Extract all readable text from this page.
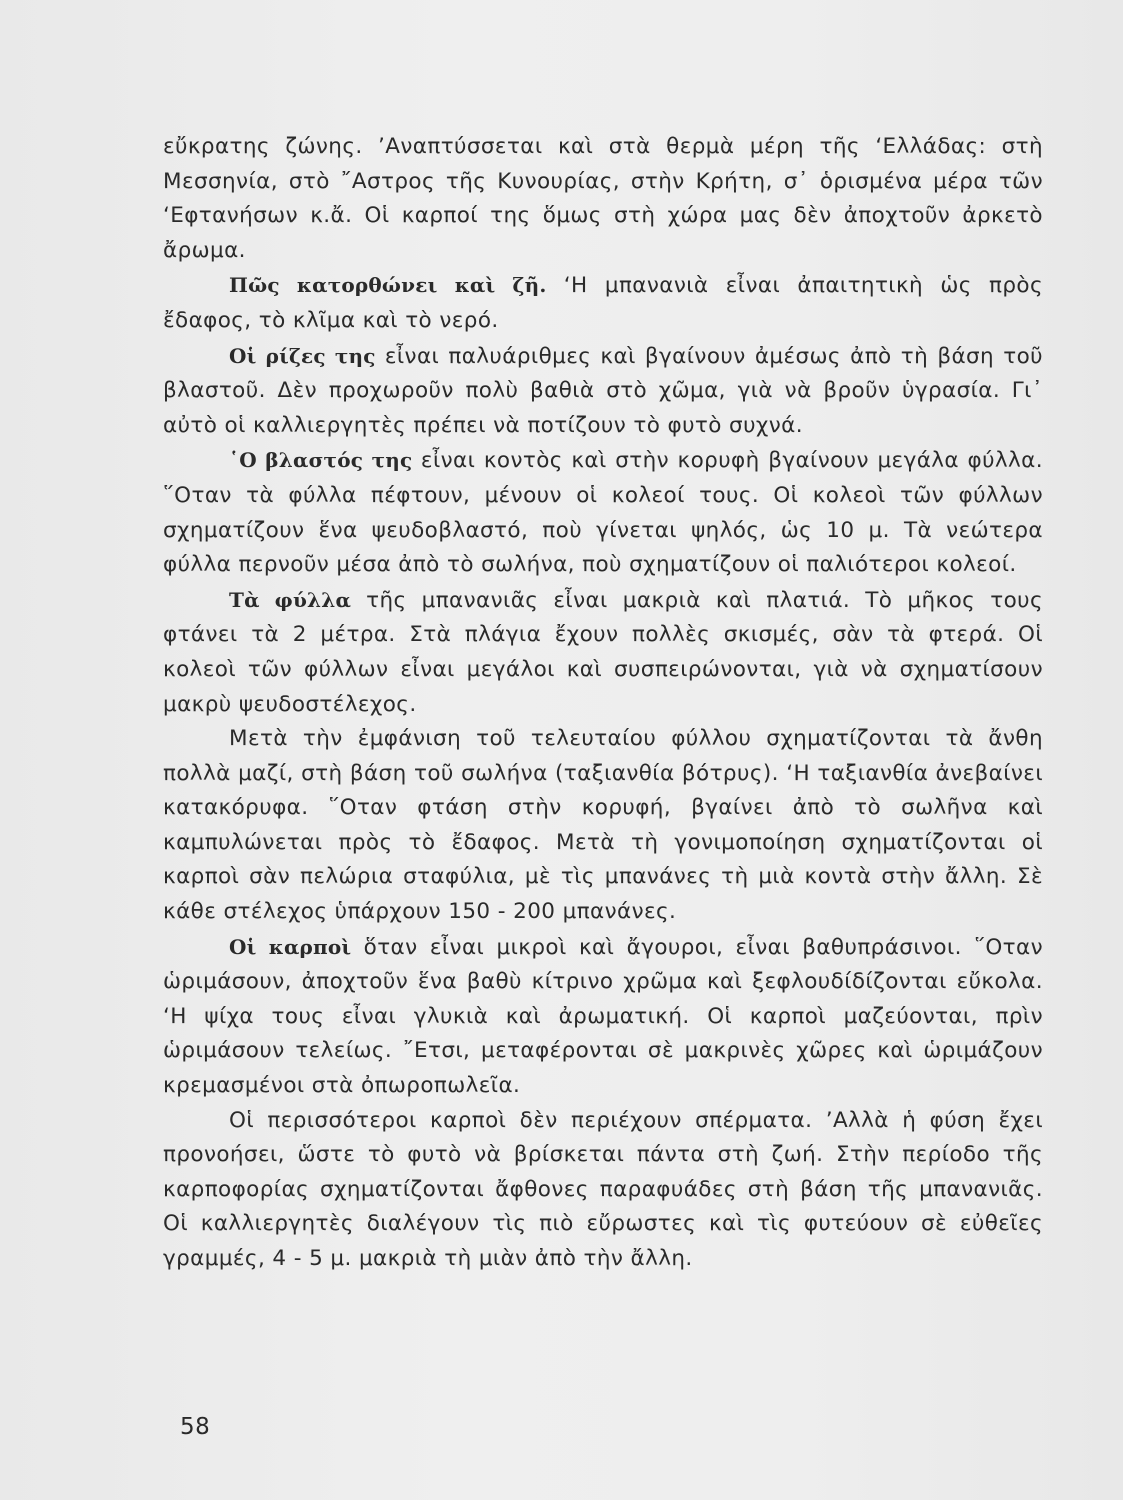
εὔκρατης ζώνης. ’Αναπτύσσεται καὶ στὰ θερμὰ μέρη τῆς ‘Ελλάδας: στὴ Μεσσηνία, στὸ ῎Αστρος τῆς Κυνουρίας, στὴν Κρήτη, σ᾿ ὁρισμένα μέρα τῶν ‘Εφτανήσων κ.ἄ. Οἱ καρποί της ὅμως στὴ χώρα μας δὲν ἀποχτοῦν ἀρκετὸ ἄρωμα.

Πῶς κατορθώνει καὶ ζῆ. ‘Η μπανανιὰ εἶναι ἀπαιτητικὴ ὡς πρὸς ἔδαφος, τὸ κλῖμα καὶ τὸ νερό.

Οἱ ρίζες της εἶναι παλυάριθμες καὶ βγαίνουν ἀμέσως ἀπὸ τὴ βάση τοῦ βλαστοῦ. Δὲν προχωροῦν πολὺ βαθιὰ στὸ χῶμα, γιὰ νὰ βροῦν ὑγρασία. Γι᾿ αὐτὸ οἱ καλλιεργητὲς πρέπει νὰ ποτίζουν τὸ φυτὸ συχνά.

῾Ο βλαστός της εἶναι κοντὸς καὶ στὴν κορυφὴ βγαίνουν μεγάλα φύλλα. ῞Οταν τὰ φύλλα πέφτουν, μένουν οἱ κολεοί τους. Οἱ κολεοὶ τῶν φύλλων σχηματίζουν ἕνα ψευδοβλαστό, ποὺ γίνεται ψηλός, ὡς 10 μ. Τὰ νεώτερα φύλλα περνοῦν μέσα ἀπὸ τὸ σωλήνα, ποὺ σχηματίζουν οἱ παλιότεροι κολεοί.

Τὰ φύλλα τῆς μπανανιᾶς εἶναι μακριὰ καὶ πλατιά. Τὸ μῆκος τους φτάνει τὰ 2 μέτρα. Στὰ πλάγια ἔχουν πολλὲς σκισμές, σὰν τὰ φτερά. Οἱ κολεοὶ τῶν φύλλων εἶναι μεγάλοι καὶ συσπειρώνονται, γιὰ νὰ σχηματίσουν μακρὺ ψευδοστέλεχος.

Μετὰ τὴν ἐμφάνιση τοῦ τελευταίου φύλλου σχηματίζονται τὰ ἄνθη πολλὰ μαζί, στὴ βάση τοῦ σωλήνα (ταξιανθία βότρυς). ‘Η ταξιανθία ἀνεβαίνει κατακόρυφα. ῞Οταν φτάση στὴν κορυφή, βγαίνει ἀπὸ τὸ σωλῆνα καὶ καμπυλώνεται πρὸς τὸ ἔδαφος. Μετὰ τὴ γονιμοποίηση σχηματίζονται οἱ καρποὶ σὰν πελώρια σταφύλια, μὲ τὶς μπανάνες τὴ μιὰ κοντὰ στὴν ἄλλη. Σὲ κάθε στέλεχος ὑπάρχουν 150 - 200 μπανάνες.

Οἱ καρποὶ ὅταν εἶναι μικροὶ καὶ ἄγουροι, εἶναι βαθυπράσινοι. ῞Οταν ὡριμάσουν, ἀποχτοῦν ἕνα βαθὺ κίτρινο χρῶμα καὶ ξεφλουδίδίζονται εὔκολα. ‘Η ψίχα τους εἶναι γλυκιὰ καὶ ἀρωματική. Οἱ καρποὶ μαζεύονται, πρὶν ὡριμάσουν τελείως. ῎Ετσι, μεταφέρονται σὲ μακρινὲς χῶρες καὶ ὡριμάζουν κρεμασμένοι στὰ ὀπωροπωλεῖα.

Οἱ περισσότεροι καρποὶ δὲν περιέχουν σπέρματα. ’Αλλὰ ἡ φύση ἔχει προνοήσει, ὥστε τὸ φυτὸ νὰ βρίσκεται πάντα στὴ ζωή. Στὴν περίοδο τῆς καρποφορίας σχηματίζονται ἄφθονες παραφυάδες στὴ βάση τῆς μπανανιᾶς. Οἱ καλλιεργητὲς διαλέγουν τὶς πιὸ εὔρωστες καὶ τὶς φυτεύουν σὲ εὐθεῖες γραμμές, 4 - 5 μ. μακριὰ τὴ μιὰν ἀπὸ τὴν ἄλλη.

58
